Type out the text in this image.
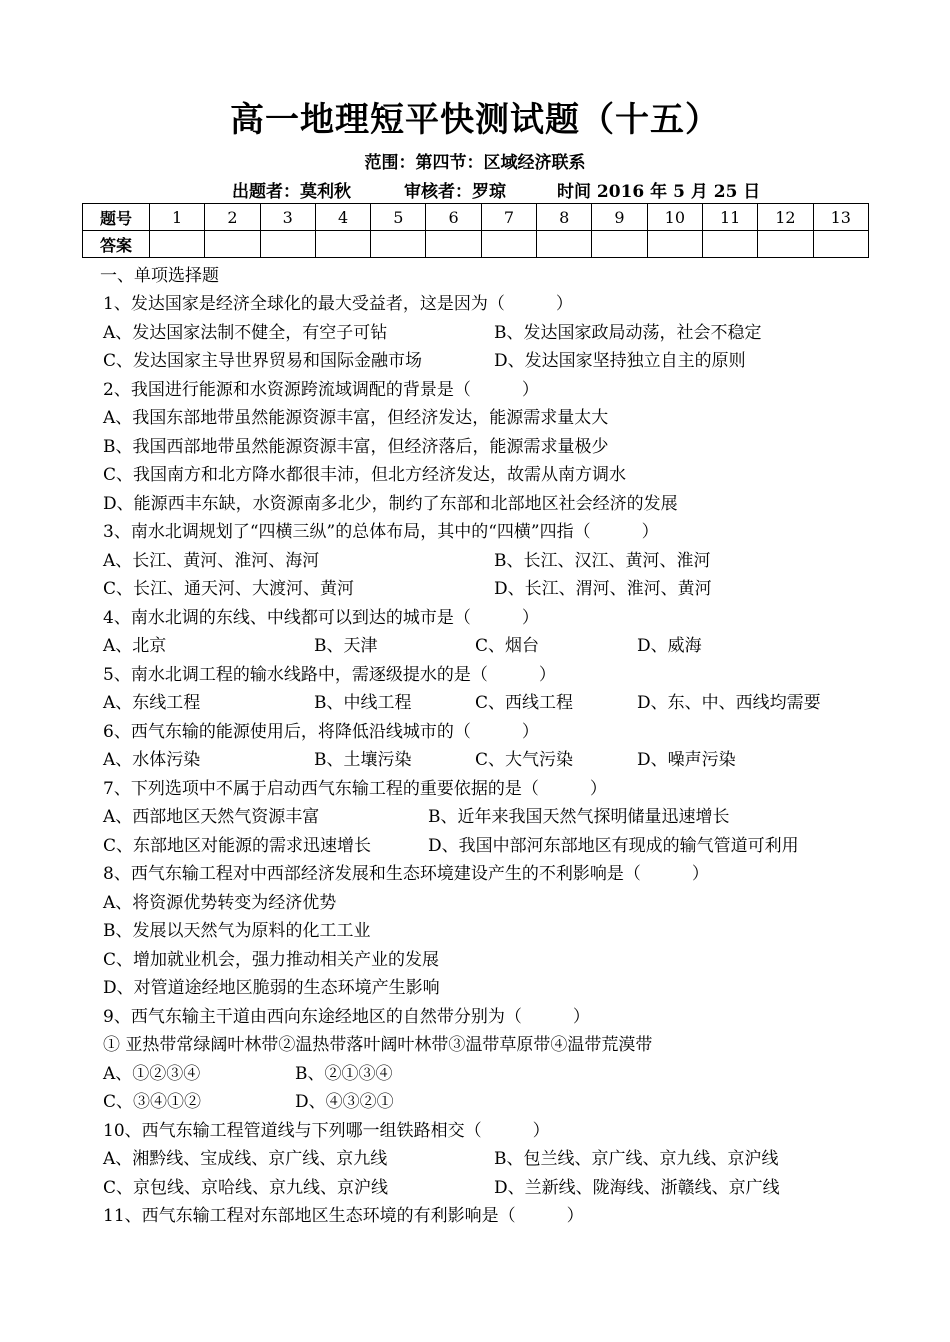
高一地理短平快测试题（十五）
范围：第四节：区域经济联系
出题者：莫利秋	审核者：罗琼	时间 2016 年 5 月 25 日
题号	1	2	3	4	5	6	7	8	9	10	11	12	13
答案													
一、单项选择题
1、发达国家是经济全球化的最大受益者，这是因为（　　　）
A、发达国家法制不健全，有空子可钻	B、发达国家政局动荡，社会不稳定
C、发达国家主导世界贸易和国际金融市场	D、发达国家坚持独立自主的原则
2、我国进行能源和水资源跨流域调配的背景是（　　　）
A、我国东部地带虽然能源资源丰富，但经济发达，能源需求量太大
B、我国西部地带虽然能源资源丰富，但经济落后，能源需求量极少
C、我国南方和北方降水都很丰沛，但北方经济发达，故需从南方调水
D、能源西丰东缺，水资源南多北少，制约了东部和北部地区社会经济的发展
3、南水北调规划了“四横三纵”的总体布局，其中的“四横”四指（　　　）
A、长江、黄河、淮河、海河	B、长江、汉江、黄河、淮河
C、长江、通天河、大渡河、黄河	D、长江、渭河、淮河、黄河
4、南水北调的东线、中线都可以到达的城市是（　　　）
A、北京	B、天津	C、烟台	D、威海
5、南水北调工程的输水线路中，需逐级提水的是（　　　）
A、东线工程	B、中线工程	C、西线工程	D、东、中、西线均需要
6、西气东输的能源使用后，将降低沿线城市的（　　　）
A、水体污染	B、土壤污染	C、大气污染	D、噪声污染
7、下列选项中不属于启动西气东输工程的重要依据的是（　　　）
A、西部地区天然气资源丰富	B、近年来我国天然气探明储量迅速增长
C、东部地区对能源的需求迅速增长	D、我国中部河东部地区有现成的输气管道可利用
8、西气东输工程对中西部经济发展和生态环境建设产生的不利影响是（　　　）
A、将资源优势转变为经济优势
B、发展以天然气为原料的化工工业
C、增加就业机会，强力推动相关产业的发展
D、对管道途经地区脆弱的生态环境产生影响
9、西气东输主干道由西向东途经地区的自然带分别为（　　　）
① 亚热带常绿阔叶林带②温热带落叶阔叶林带③温带草原带④温带荒漠带
A、①②③④	B、②①③④
C、③④①②	D、④③②①
10、西气东输工程管道线与下列哪一组铁路相交（　　　）
A、湘黔线、宝成线、京广线、京九线	B、包兰线、京广线、京九线、京沪线
C、京包线、京哈线、京九线、京沪线	D、兰新线、陇海线、浙赣线、京广线
11、西气东输工程对东部地区生态环境的有利影响是（　　　）
